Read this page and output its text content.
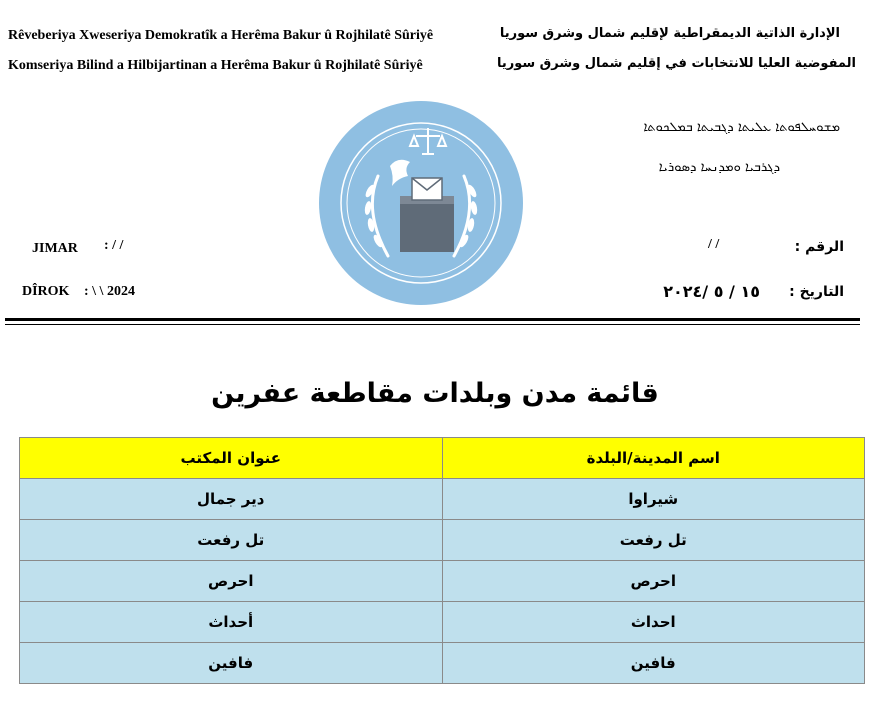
Rêveberiya Xweseriya Demokratîk a Herêma Bakur û Rojhilatê Sûriyê
Komseriya Bilind a Hilbijartinan a Herêma Bakur û Rojhilatê Sûriyê
الإدارة الذاتية الديمقراطية لإقليم شمال وشرق سوريا
المفوضية العليا للانتخابات في إقليم شمال وشرق سوريا
ܡܫܘܚܠܦܘܬܐ ܥܠܝܬܐ ܕܓܒܝܬܐ ܒܡܠܟܘܬܐ
ܕܓܪܒܝܐ ܘܡܕܢܚܐ ܕܣܘܪܝܐ
JIMAR : / /
DÎROK : \ \ 2024
الرقم :
/ /
التاريخ :
١٥ / ٥ /٢٠٢٤
قائمة مدن وبلدات مقاطعة عفرين
اسم المدينة/البلدة	عنوان المكتب
شيراوا	دير جمال
تل رفعت	تل رفعت
احرص	احرص
احداث	أحداث
فافين	فافين
